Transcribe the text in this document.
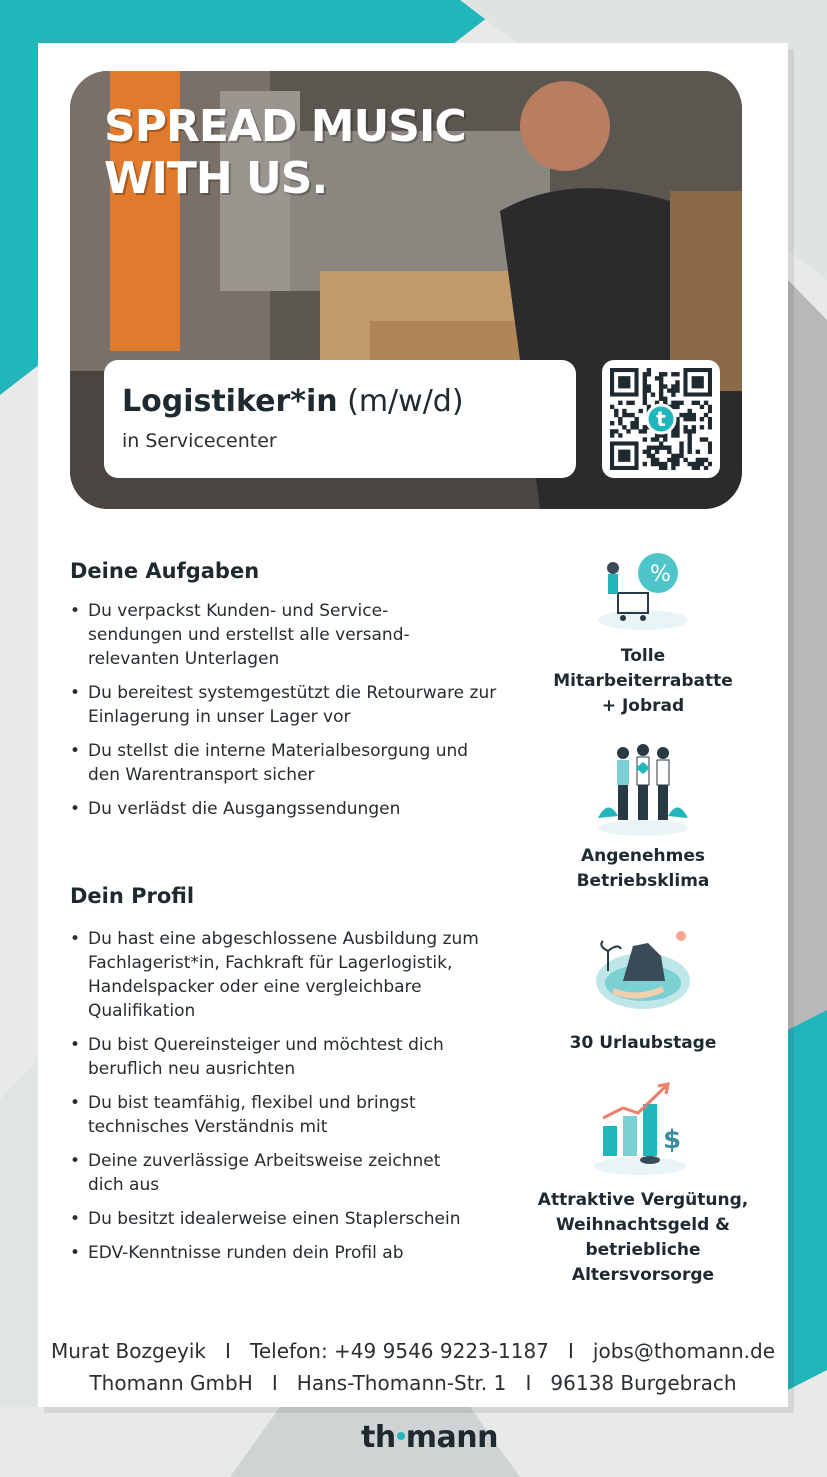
SPREAD MUSIC
WITH US.
Logistiker*in (m/w/d)
in Servicecenter
t
Deine Aufgaben
• Du verpackst Kunden- und Service-
sendungen und erstellst alle versand-
relevanten Unterlagen
• Du bereitest systemgestützt die Retourware zur
Einlagerung in unser Lager vor
• Du stellst die interne Materialbesorgung und
den Warentransport sicher
• Du verlädst die Ausgangssendungen
Dein Profil
• Du hast eine abgeschlossene Ausbildung zum
Fachlagerist*in, Fachkraft für Lagerlogistik,
Handelspacker oder eine vergleichbare
Qualifikation
• Du bist Quereinsteiger und möchtest dich
beruflich neu ausrichten
• Du bist teamfähig, flexibel und bringst
technisches Verständnis mit
• Deine zuverlässige Arbeitsweise zeichnet
dich aus
• Du besitzt idealerweise einen Staplerschein
• EDV-Kenntnisse runden dein Profil ab
%
Tolle
Mitarbeiterrabatte
+ Jobrad
Angenehmes
Betriebsklima
30 Urlaubstage
$
Attraktive Vergütung,
Weihnachtsgeld &
betriebliche
Altersvorsorge
Murat Bozgeyik   I   Telefon: +49 9546 9223-1187   I   jobs@thomann.de
Thomann GmbH   I   Hans-Thomann-Str. 1   I   96138 Burgebrach
th mann
